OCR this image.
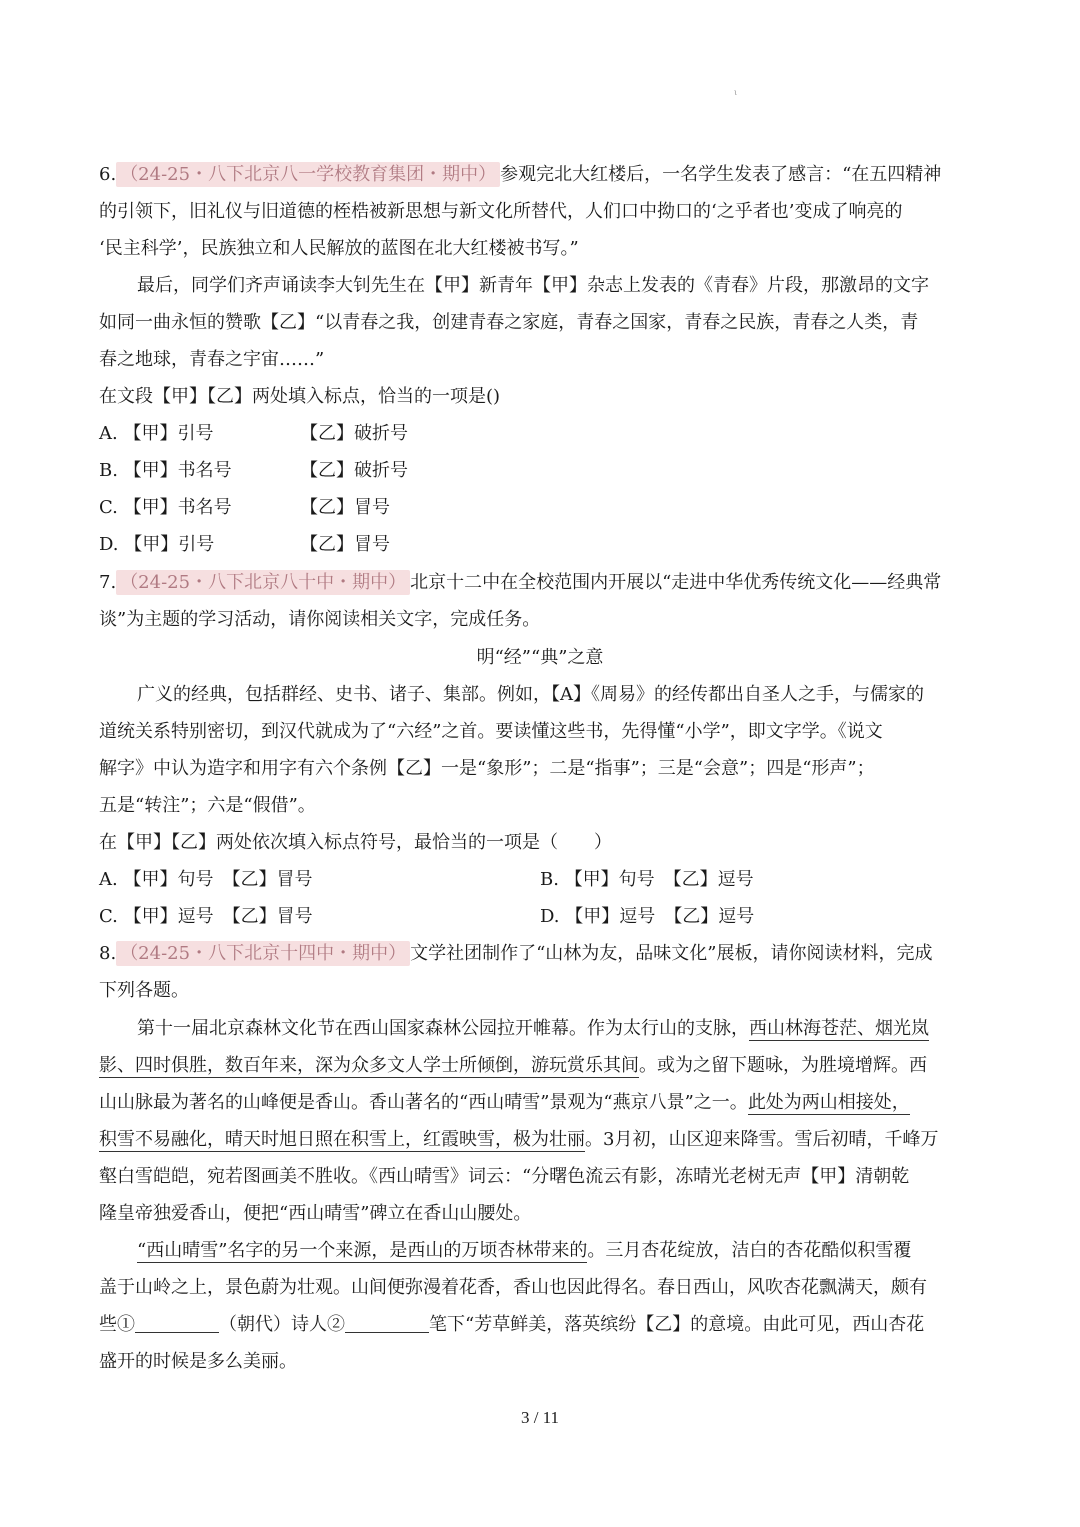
ι
6. （24-25・八下北京八一学校教育集团・期中） 参观完北大红楼后，一名学生发表了感言：“在五四精神
的引领下，旧礼仪与旧道德的桎梏被新思想与新文化所替代，人们口中拗口的‘之乎者也’变成了响亮的
‘民主科学’，民族独立和人民解放的蓝图在北大红楼被书写。”
最后，同学们齐声诵读李大钊先生在【甲】新青年【甲】杂志上发表的《青春》片段，那激昂的文字
如同一曲永恒的赞歌【乙】“以青春之我，创建青春之家庭，青春之国家，青春之民族，青春之人类，青
春之地球，青春之宇宙……”
在文段【甲】【乙】两处填入标点，恰当的一项是()
A. 【甲】引号	【乙】破折号
B. 【甲】书名号	【乙】破折号
C. 【甲】书名号	【乙】冒号
D. 【甲】引号	【乙】冒号
7. （24-25・八下北京八十中・期中） 北京十二中在全校范围内开展以“走进中华优秀传统文化——经典常
谈”为主题的学习活动，请你阅读相关文字，完成任务。
明“经”“典”之意
广义的经典，包括群经、史书、诸子、集部。例如，【A】《周易》的经传都出自圣人之手，与儒家的
道统关系特别密切，到汉代就成为了“六经”之首。要读懂这些书，先得懂“小学”，即文字学。《说文
解字》中认为造字和用字有六个条例【乙】一是“象形”；二是“指事”；三是“会意”；四是“形声”；
五是“转注”；六是“假借”。
在【甲】【乙】两处依次填入标点符号，最恰当的一项是（　　）
A. 【甲】句号　【乙】冒号	B. 【甲】句号　【乙】逗号
C. 【甲】逗号　【乙】冒号	D. 【甲】逗号　【乙】逗号
8. （24-25・八下北京十四中・期中） 文学社团制作了“山林为友，品味文化”展板，请你阅读材料，完成
下列各题。
第十一届北京森林文化节在西山国家森林公园拉开帷幕。作为太行山的支脉，西山林海苍茫、烟光岚
影、四时俱胜，数百年来，深为众多文人学士所倾倒，游玩赏乐其间。或为之留下题咏，为胜境增辉。西
山山脉最为著名的山峰便是香山。香山著名的“西山晴雪”景观为“燕京八景”之一。此处为两山相接处，
积雪不易融化，晴天时旭日照在积雪上，红霞映雪，极为壮丽。3月初，山区迎来降雪。雪后初晴，千峰万
壑白雪皑皑，宛若图画美不胜收。《西山晴雪》词云：“分曙色流云有影，冻晴光老树无声【甲】清朝乾
隆皇帝独爱香山，便把“西山晴雪”碑立在香山山腰处。
“西山晴雪”名字的另一个来源，是西山的万顷杏林带来的。三月杏花绽放，洁白的杏花酷似积雪覆
盖于山岭之上，景色蔚为壮观。山间便弥漫着花香，香山也因此得名。春日西山，风吹杏花飘满天，颇有
些①	（朝代）诗人②	笔下“芳草鲜美，落英缤纷【乙】的意境。由此可见，西山杏花
盛开的时候是多么美丽。
3 / 11
